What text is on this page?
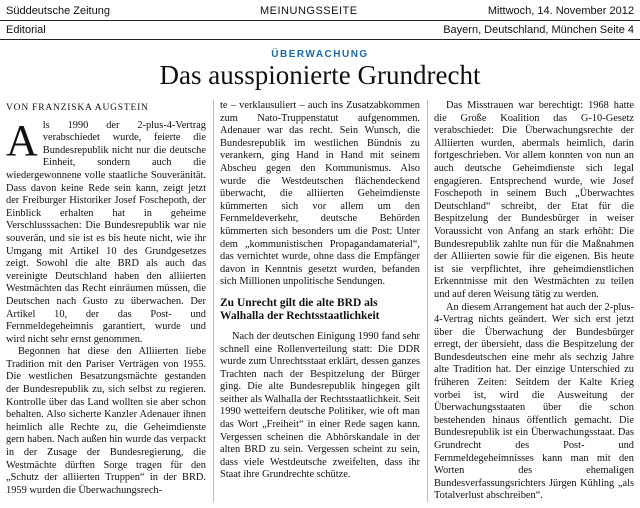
Süddeutsche Zeitung	MEINUNGSSEITE	Mittwoch, 14. November 2012
Editorial	Bayern, Deutschland, München Seite 4
ÜBERWACHUNG
Das ausspionierte Grundrecht

VON FRANZISKA AUGSTEIN

Als 1990 der 2-plus-4-Vertrag verabschiedet wurde, feierte die Bundesrepublik nicht nur die deutsche Einheit, sondern auch die wiedergewonnene volle staatliche Souveränität. Dass davon keine Rede sein kann, zeigt jetzt der Freiburger Historiker Josef Foschepoth, der Einblick erhalten hat in geheime Verschlusssachen: Die Bundesrepublik war nie souverän, und sie ist es bis heute nicht, wie ihr Umgang mit Artikel 10 des Grundgesetzes zeigt. Sowohl die alte BRD als auch das vereinigte Deutschland haben den alliierten Westmächten das Recht einräumen müssen, die Deutschen nach Gusto zu überwachen. Der Artikel 10, der das Post- und Fernmeldegeheimnis garantiert, wurde und wird nicht sehr ernst genommen.

Begonnen hat diese den Alliierten liebe Tradition mit den Pariser Verträgen von 1955. Die westlichen Besatzungsmächte gestanden der Bundesrepublik zu, sich selbst zu regieren. Kontrolle über das Land wollten sie aber schon behalten. Also sicherte Kanzler Adenauer ihnen heimlich alle Rechte zu, die Geheimdienste gern haben. Nach außen hin wurde das verpackt in der Zusage der Bundesregierung, die Westmächte dürften Sorge tragen für den „Schutz der alliierten Truppen“ in der BRD. 1959 wurden die Überwachungsrech-

te – verklausuliert – auch ins Zusatzabkommen zum Nato-Truppenstatut aufgenommen. Adenauer war das recht. Sein Wunsch, die Bundesrepublik im westlichen Bündnis zu verankern, ging Hand in Hand mit seinem Abscheu gegen den Kommunismus. Also wurde die Westdeutschen flächendeckend überwacht, die alliierten Geheimdienste kümmerten sich vor allem um den Fernmeldeverkehr, deutsche Behörden kümmerten sich besonders um die Post: Unter dem „kommunistischen Propagandamaterial“, das vernichtet wurde, ohne dass die Empfänger davon in Kenntnis gesetzt wurden, befanden sich Millionen unpolitische Sendungen.

Zu Unrecht gilt die alte BRD als Walhalla der Rechtsstaatlichkeit

Nach der deutschen Einigung 1990 fand sehr schnell eine Rollenverteilung statt: Die DDR wurde zum Unrechtsstaat erklärt, dessen ganzes Trachten nach der Bespitzelung der Bürger ging. Die alte Bundesrepublik hingegen gilt seither als Walhalla der Rechtsstaatlichkeit. Seit 1990 wetteifern deutsche Politiker, wie oft man das Wort „Freiheit“ in einer Rede sagen kann. Vergessen scheinen die Abhörskandale in der alten BRD zu sein. Vergessen scheint zu sein, dass viele Westdeutsche zweifelten, dass ihr Staat ihre Grundrechte schütze.

Das Misstrauen war berechtigt: 1968 hatte die Große Koalition das G-10-Gesetz verabschiedet: Die Überwachungsrechte der Alliierten wurden, abermals heimlich, darin fortgeschrieben. Vor allem konnten von nun an auch deutsche Geheimdienste sich legal engagieren. Entsprechend wurde, wie Josef Foschepoth in seinem Buch „Überwachtes Deutschland“ schreibt, der Etat für die Bespitzelung der Bundesbürger in weiser Voraussicht von Anfang an stark erhöht: Die Bundesrepublik zahlte nun für die Maßnahmen der Alliierten sowie für die eigenen. Bis heute ist sie verpflichtet, ihre geheimdienstlichen Erkenntnisse mit den Westmächten zu teilen und auf deren Weisung tätig zu werden.

An diesem Arrangement hat auch der 2-plus-4-Vertrag nichts geändert. Wer sich erst jetzt über die Überwachung der Bundesbürger erregt, der übersieht, dass die Bespitzelung der Bundesdeutschen eine mehr als sechzig Jahre alte Tradition hat. Der einzige Unterschied zu früheren Zeiten: Seitdem der Kalte Krieg vorbei ist, wird die Ausweitung der Überwachungsstaaten über die schon bestehenden hinaus öffentlich gemacht. Die Bundesrepublik ist ein Überwachungsstaat. Das Grundrecht des Post- und Fernmeldegeheimnisses kann man mit den Worten des ehemaligen Bundesverfassungsrichters Jürgen Kühling „als Totalverlust abschreiben“.
